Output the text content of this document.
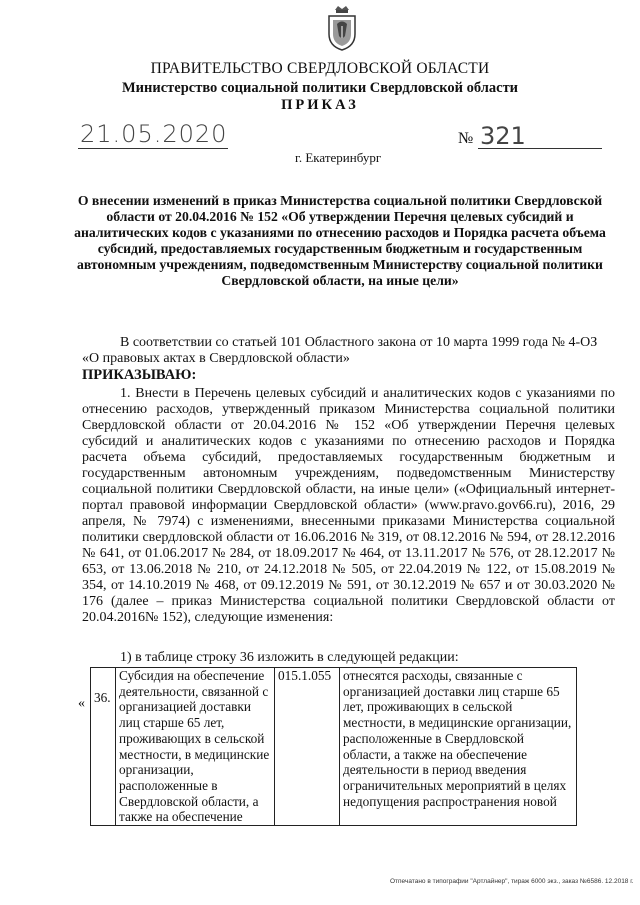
ПРАВИТЕЛЬСТВО СВЕРДЛОВСКОЙ ОБЛАСТИ
Министерство социальной политики Свердловской области
ПРИКАЗ
21.05.2020	№ 321
г. Екатеринбург
О внесении изменений в приказ Министерства социальной политики Свердловской области от 20.04.2016 № 152 «Об утверждении Перечня целевых субсидий и аналитических кодов с указаниями по отнесению расходов и Порядка расчета объема субсидий, предоставляемых государственным бюджетным и государственным автономным учреждениям, подведомственным Министерству социальной политики Свердловской области, на иные цели»
В соответствии со статьей 101 Областного закона от 10 марта 1999 года № 4-ОЗ «О правовых актах в Свердловской области»
ПРИКАЗЫВАЮ:
1. Внести в Перечень целевых субсидий и аналитических кодов с указаниями по отнесению расходов, утвержденный приказом Министерства социальной политики Свердловской области от 20.04.2016 № 152 «Об утверждении Перечня целевых субсидий и аналитических кодов с указаниями по отнесению расходов и Порядка расчета объема субсидий, предоставляемых государственным бюджетным и государственным автономным учреждениям, подведомственным Министерству социальной политики Свердловской области, на иные цели» («Официальный интернет-портал правовой информации Свердловской области» (www.pravo.gov66.ru), 2016, 29 апреля, № 7974) с изменениями, внесенными приказами Министерства социальной политики свердловской области от 16.06.2016 № 319, от 08.12.2016 № 594, от 28.12.2016 № 641, от 01.06.2017 № 284, от 18.09.2017 № 464, от 13.11.2017 № 576, от 28.12.2017 № 653, от 13.06.2018 № 210, от 24.12.2018 № 505, от 22.04.2019 № 122, от 15.08.2019 № 354, от 14.10.2019 № 468, от 09.12.2019 № 591, от 30.12.2019 № 657 и от 30.03.2020 № 176 (далее – приказ Министерства социальной политики Свердловской области от 20.04.2016№ 152), следующие изменения:
1) в таблице строку 36 изложить в следующей редакции:
« 36.	Субсидия на обеспечение деятельности, связанной с организацией доставки лиц старше 65 лет, проживающих в сельской местности, в медицинские организации, расположенные в Свердловской области, а также на обеспечение	015.1.055	отнесятся расходы, связанные с организацией доставки лиц старше 65 лет, проживающих в сельской местности, в медицинские организации, расположенные в Свердловской области, а также на обеспечение деятельности в период введения ограничительных мероприятий в целях недопущения распространения новой
Отпечатано в типографии "Артлайнер", тираж 6000 экз., заказ №6586. 12.2018 г.
